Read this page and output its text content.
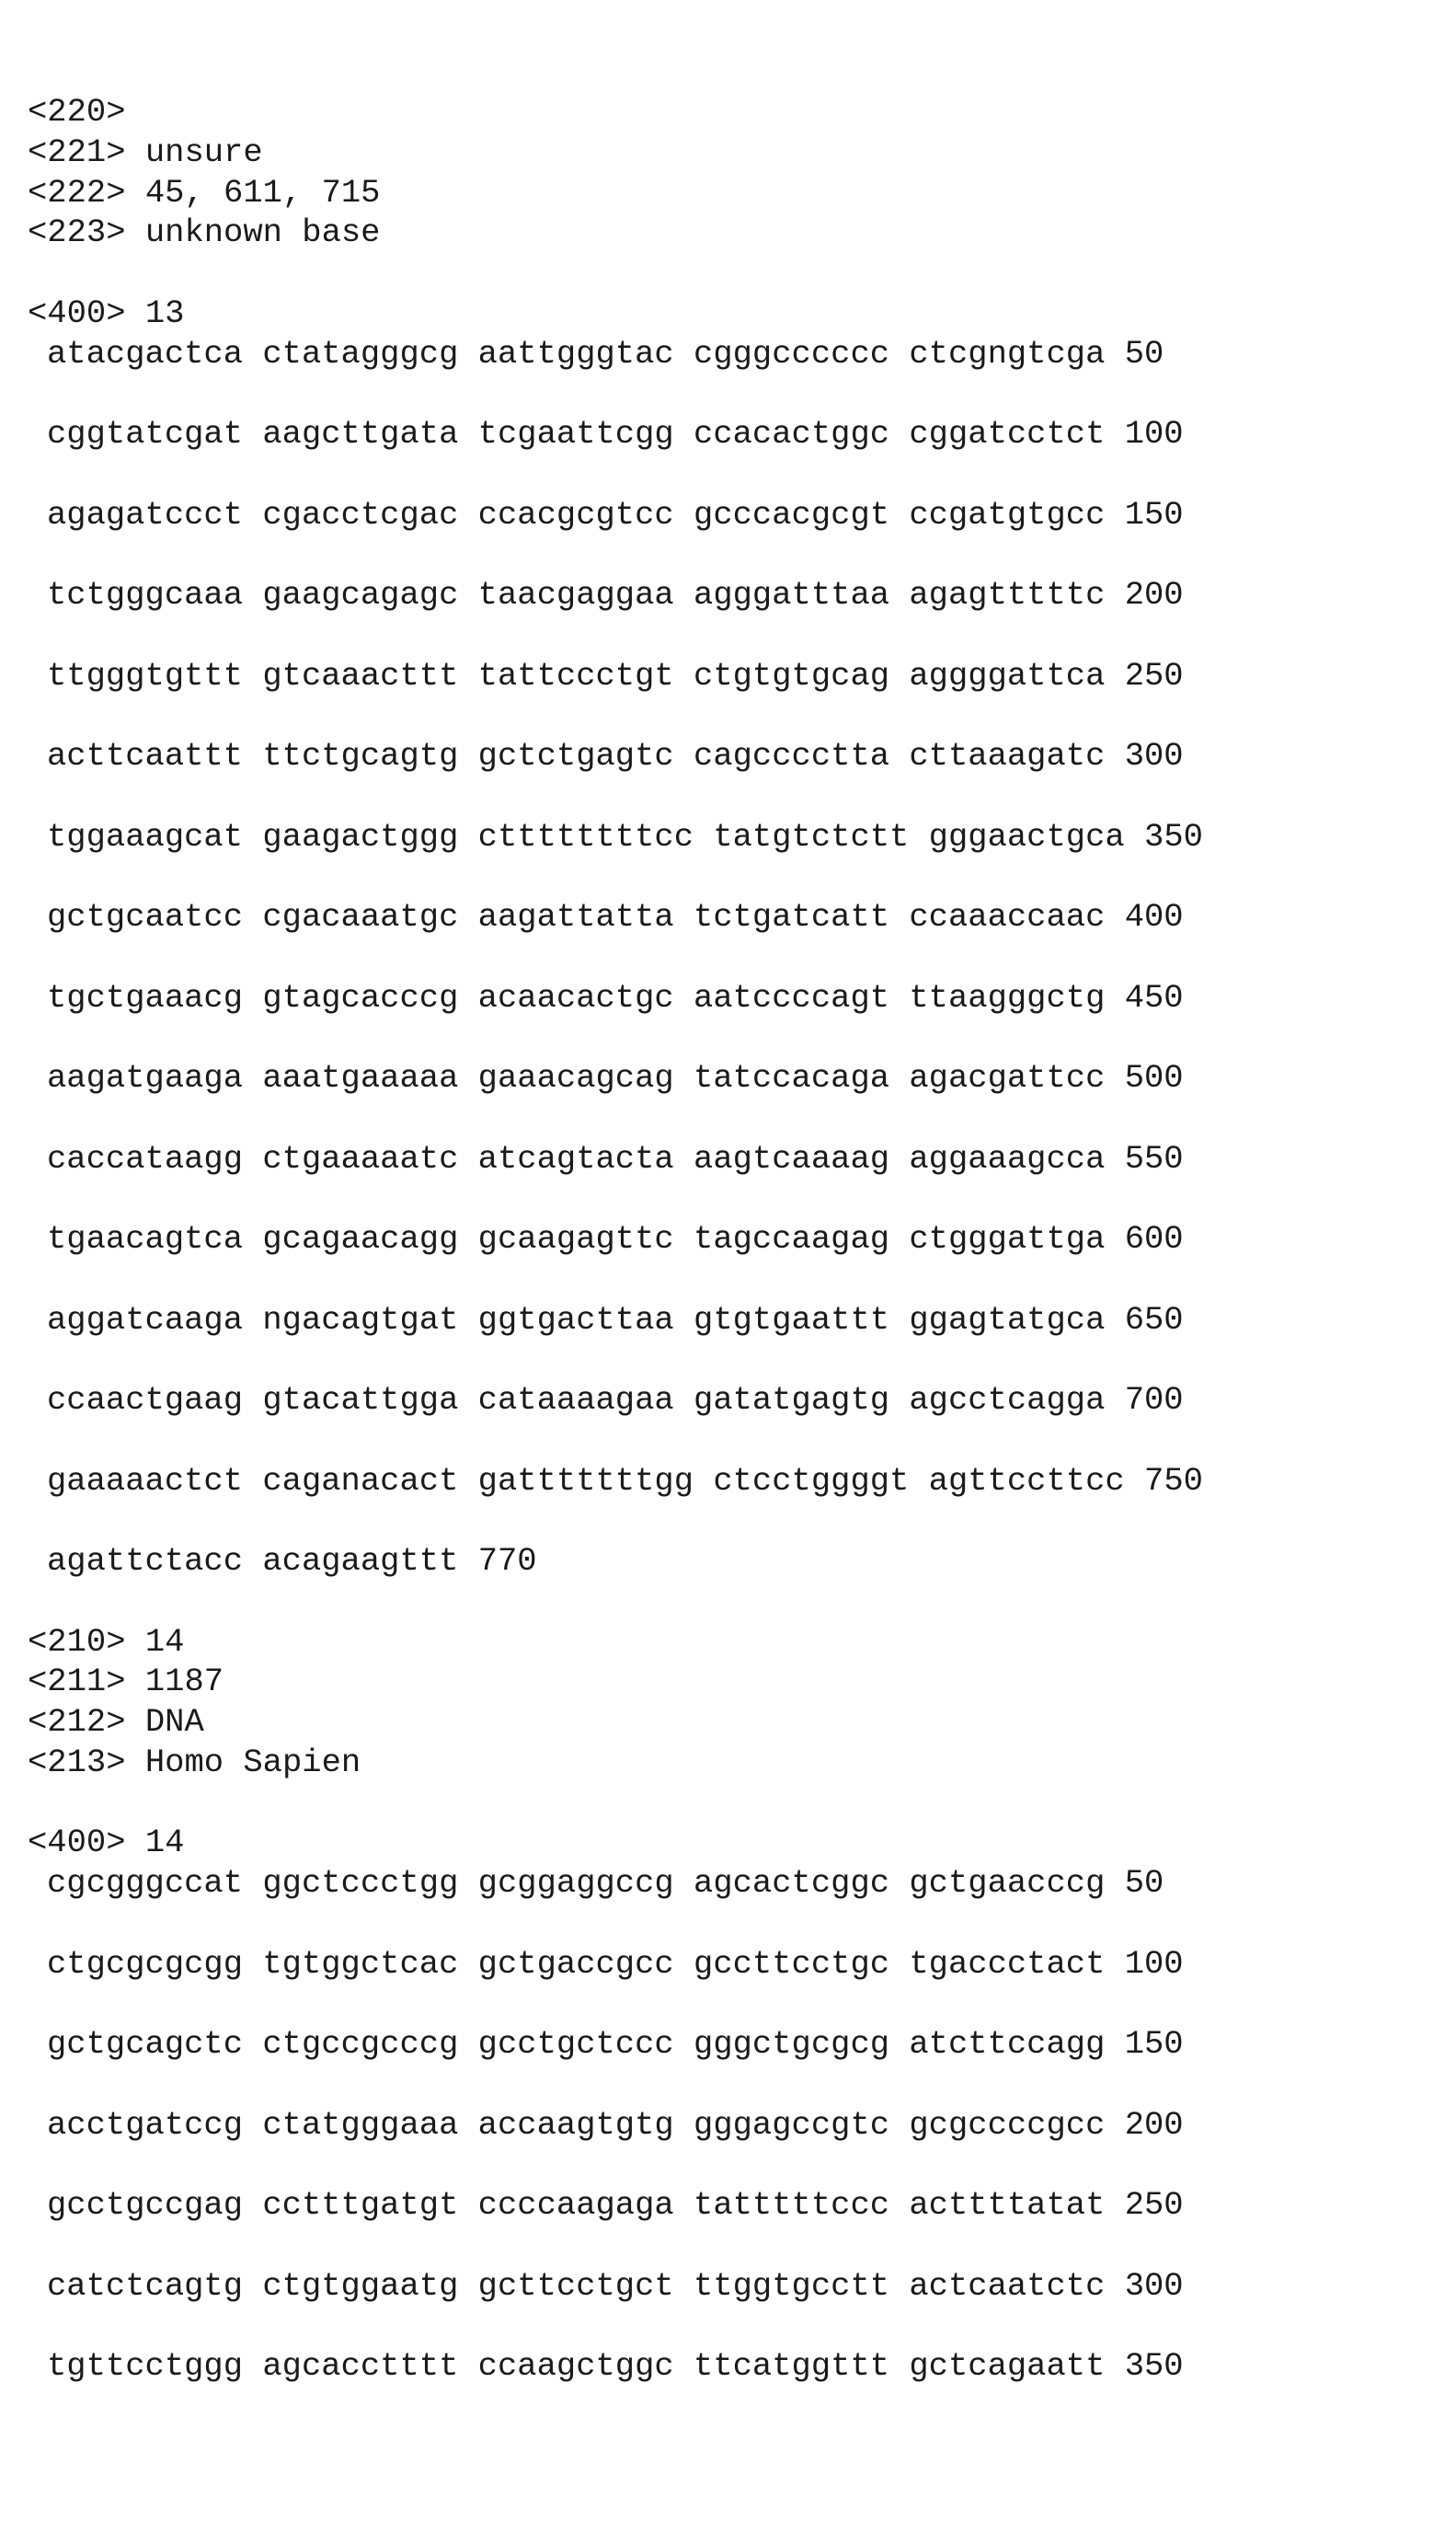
<220>
<221> unsure
<222> 45, 611, 715
<223> unknown base
<400> 13
atacgactca ctatagggcg aattgggtac cgggcccccc ctcgngtcga 50
cggtatcgat aagcttgata tcgaattcgg ccacactggc cggatcctct 100
agagatccct cgacctcgac ccacgcgtcc gcccacgcgt ccgatgtgcc 150
tctgggcaaa gaagcagagc taacgaggaa agggatttaa agagtttttc 200
ttgggtgttt gtcaaacttt tattccctgt ctgtgtgcag aggggattca 250
acttcaattt ttctgcagtg gctctgagtc cagcccctta cttaaagatc 300
tggaaagcat gaagactggg cttttttttcc tatgtctctt gggaactgca 350
gctgcaatcc cgacaaatgc aagattatta tctgatcatt ccaaaccaac 400
tgctgaaacg gtagcacccg acaacactgc aatccccagt ttaagggctg 450
aagatgaaga aaatgaaaaa gaaacagcag tatccacaga agacgattcc 500
caccataagg ctgaaaaatc atcagtacta aagtcaaaag aggaaagcca 550
tgaacagtca gcagaacagg gcaagagttc tagccaagag ctgggattga 600
aggatcaaga ngacagtgat ggtgacttaa gtgtgaattt ggagtatgca 650
ccaactgaag gtacattgga cataaaagaa gatatgagtg agcctcagga 700
gaaaaactct caganacact gatttttttgg ctcctggggt agttccttcc 750
agattctacc acagaagttt 770
<210> 14
<211> 1187
<212> DNA
<213> Homo Sapien
<400> 14
cgcgggccat ggctccctgg gcggaggccg agcactcggc gctgaacccg 50
ctgcgcgcgg tgtggctcac gctgaccgcc gccttcctgc tgaccctact 100
gctgcagctc ctgccgcccg gcctgctccc gggctgcgcg atcttccagg 150
acctgatccg ctatgggaaa accaagtgtg gggagccgtc gcgccccgcc 200
gcctgccgag cctttgatgt ccccaagaga tatttttccc acttttatat 250
catctcagtg ctgtggaatg gcttcctgct ttggtgcctt actcaatctc 300
tgttcctggg agcacctttt ccaagctggc ttcatggttt gctcagaatt 350
